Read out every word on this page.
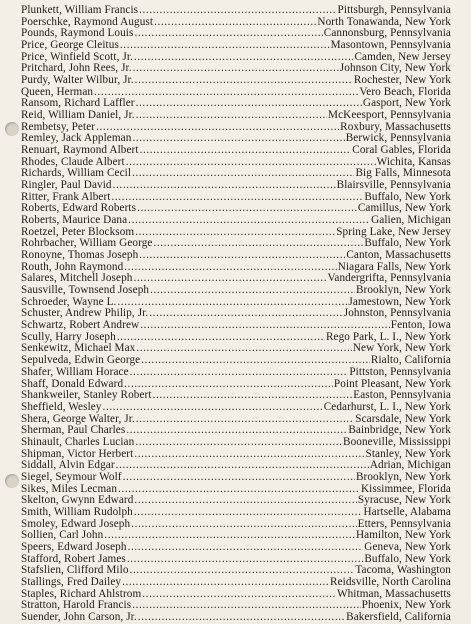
Plunkett, William Francis .....	Pittsburgh, Pennsylvania
Poerschke, Raymond August .....	North Tonawanda, New York
Pounds, Raymond Louis .....	Cannonsburg, Pennsylvania
Price, George Cleitus .....	Masontown, Pennsylvania
Price, Winfield Scott, Jr. .....	Camden, New Jersey
Pritchard, John Rees, Jr. .....	Johnson City, New York
Purdy, Walter Wilbur, Jr. .....	Rochester, New York
Queen, Herman .....	Vero Beach, Florida
Ransom, Richard Laffler .....	Gasport, New York
Reid, William Daniel, Jr. .....	McKeesport, Pennsylvania
Rembetsy, Peter .....	Roxbury, Massachusetts
Remley, Jack Appleman .....	Berwick, Pennsylvania
Renuart, Raymond Albert .....	Coral Gables, Florida
Rhodes, Claude Albert .....	Wichita, Kansas
Richards, William Cecil .....	Big Falls, Minnesota
Ringler, Paul David .....	Blairsville, Pennsylvania
Ritter, Frank Albert .....	Buffalo, New York
Roberts, Edward Roberts .....	Camillus, New York
Roberts, Maurice Dana .....	Galien, Michigan
Roetzel, Peter Blocksom .....	Spring Lake, New Jersey
Rohrbacher, William George .....	Buffalo, New York
Ronoyne, Thomas Joseph .....	Canton, Massachusetts
Routh, John Raymond .....	Niagara Falls, New York
Salares, Mitchell Joseph .....	Vandergrifta, Pennsylvania
Sausville, Townsend Joseph .....	Brooklyn, New York
Schroeder, Wayne L. .....	Jamestown, New York
Schuster, Andrew Philip, Jr. .....	Johnston, Pennsylvania
Schwartz, Robert Andrew .....	Fenton, Iowa
Scully, Harry Joseph .....	Rego Park, L. I., New York
Senkewitz, Michael Max .....	New York, New York
Sepulveda, Edwin George .....	Rialto, California
Shafer, William Horace .....	Pittston, Pennsylvania
Shaff, Donald Edward .....	Point Pleasant, New York
Shankweiler, Stanley Robert .....	Easton, Pennsylvania
Sheffield, Wesley .....	Cedarhurst, L. I., New York
Shera, George Walter, Jr. .....	Scarsdale, New York
Sherman, Paul Charles .....	Bainbridge, New York
Shinault, Charles Lucian .....	Booneville, Mississippi
Shipman, Victor Herbert .....	Stanley, New York
Siddall, Alvin Edgar .....	Adrian, Michigan
Siegel, Seymour Wolf .....	Brooklyn, New York
Sikes, Miles Lecman .....	Kissimmee, Florida
Skelton, Gwynn Edward .....	Syracuse, New York
Smith, William Rudolph .....	Hartselle, Alabama
Smoley, Edward Joseph .....	Etters, Pennsylvania
Sollien, Carl John .....	Hamilton, New York
Speers, Edward Joseph .....	Geneva, New York
Stafford, Robert James .....	Buffalo, New York
Stafslien, Clifford Milo .....	Tacoma, Washington
Stallings, Fred Dailey .....	Reidsville, North Carolina
Staples, Richard Ahlstrom .....	Whitman, Massachusetts
Stratton, Harold Francis .....	Phoenix, New York
Suender, John Carson, Jr. .....	Bakersfield, California
